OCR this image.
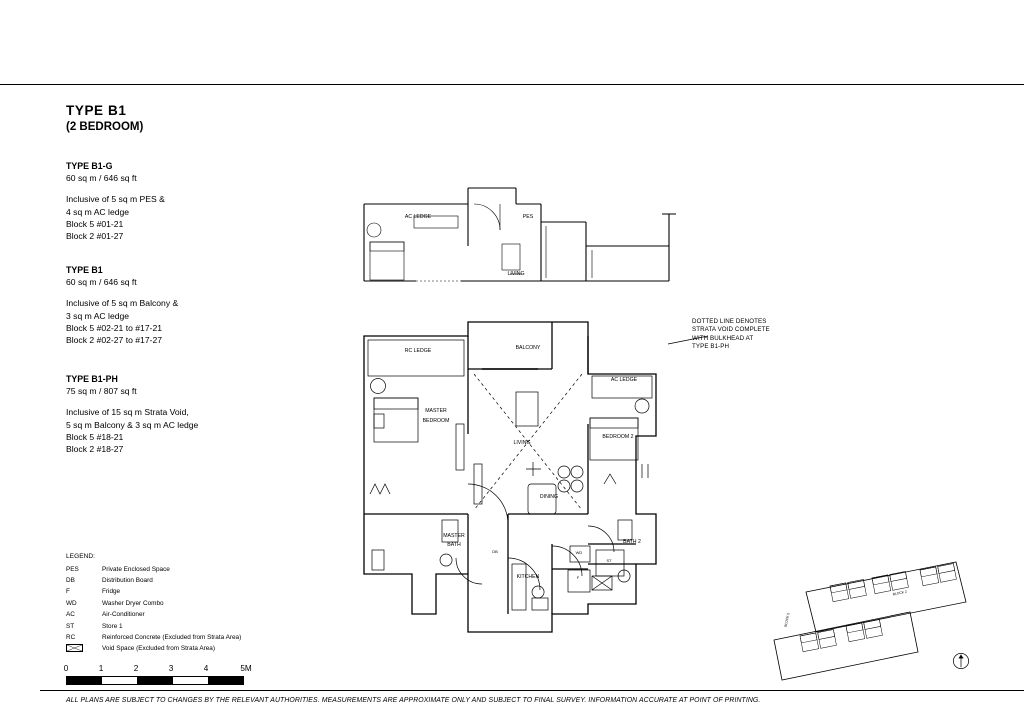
TYPE B1
(2 BEDROOM)
TYPE B1-G
60 sq m / 646 sq ft
Inclusive of 5 sq m PES &
4 sq m AC ledge
Block 5 #01-21
Block 2 #01-27
TYPE B1
60 sq m / 646 sq ft
Inclusive of 5 sq m Balcony &
3 sq m AC ledge
Block 5 #02-21 to #17-21
Block 2 #02-27 to #17-27
TYPE B1-PH
75 sq m / 807 sq ft
Inclusive of 15 sq m Strata Void,
5 sq m Balcony & 3 sq m AC ledge
Block 5 #18-21
Block 2 #18-27
LEGEND:
PES	Private Enclosed Space
DB	Distribution Board
F	Fridge
WD	Washer Dryer Combo
AC	Air-Conditioner
ST	Store 1
RC	Reinforced Concrete (Excluded from Strata Area)
Void Space (Excluded from Strata Area)
0	1	2	3	4	5M
ALL PLANS ARE SUBJECT TO CHANGES BY THE RELEVANT AUTHORITIES. MEASUREMENTS ARE APPROXIMATE ONLY AND SUBJECT TO FINAL SURVEY. INFORMATION ACCURATE AT POINT OF PRINTING.
DOTTED LINE DENOTES
STRATA VOID COMPLETE
WITH BULKHEAD AT
TYPE B1-PH
AC LEDGE	PES
LIVING
RC LEDGE	BALCONY
AC LEDGE
MASTER
BEDROOM
BEDROOM 2
LIVING
DINING
MASTER
BATH	BATH 2
KITCHEN
DB	WD
ST
F
BLOCK 5
BLOCK 2
